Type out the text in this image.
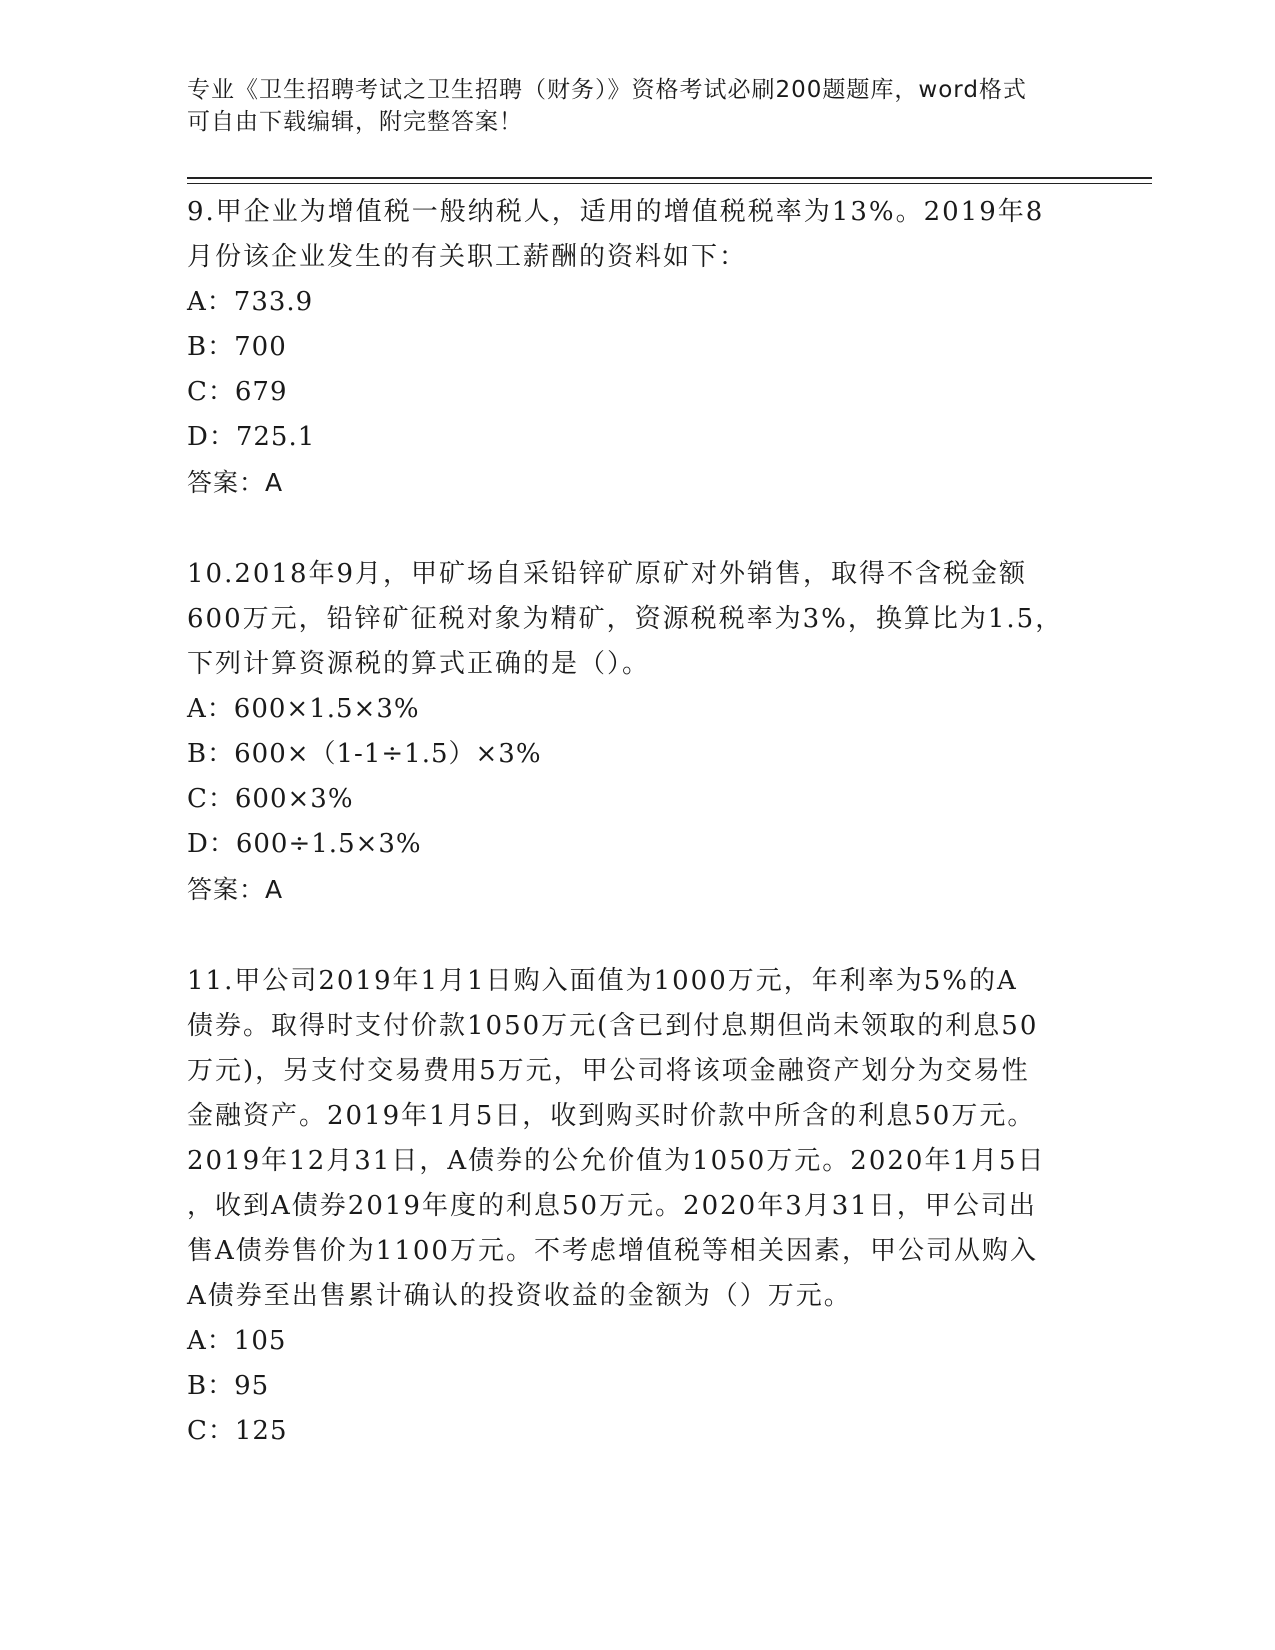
专业《卫生招聘考试之卫生招聘（财务）》资格考试必刷200题题库，word格式
可自由下载编辑，附完整答案！
9.甲企业为增值税一般纳税人，适用的增值税税率为13%。2019年8
月份该企业发生的有关职工薪酬的资料如下：
A：733.9
B：700
C：679
D：725.1
答案：A
10.2018年9月，甲矿场自采铅锌矿原矿对外销售，取得不含税金额
600万元，铅锌矿征税对象为精矿，资源税税率为3%，换算比为1.5，
下列计算资源税的算式正确的是（）。
A：600×1.5×3%
B：600×（1-1÷1.5）×3%
C：600×3%
D：600÷1.5×3%
答案：A
11.甲公司2019年1月1日购入面值为1000万元，年利率为5%的A
债券。取得时支付价款1050万元(含已到付息期但尚未领取的利息50
万元)，另支付交易费用5万元，甲公司将该项金融资产划分为交易性
金融资产。2019年1月5日，收到购买时价款中所含的利息50万元。
2019年12月31日，A债券的公允价值为1050万元。2020年1月5日
，收到A债券2019年度的利息50万元。2020年3月31日，甲公司出
售A债券售价为1100万元。不考虑增值税等相关因素，甲公司从购入
A债券至出售累计确认的投资收益的金额为（）万元。
A：105
B：95
C：125
